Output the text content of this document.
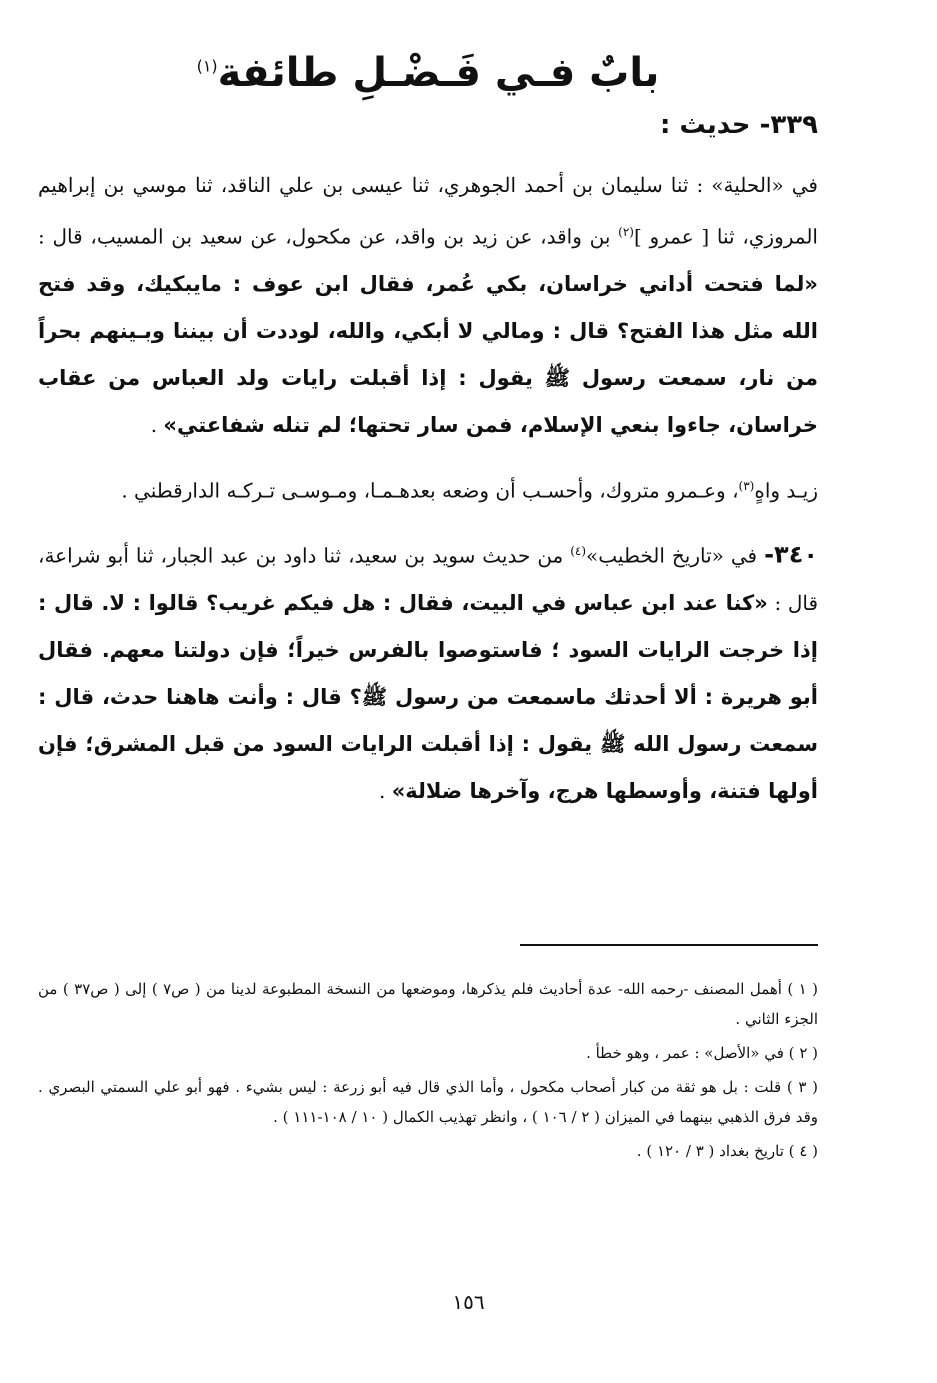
بابٌ فـي فَـضْـلِ طائفة$^{(١)}$
٣٣٩- حديث :

في «الحلية» : ثنا سليمان بن أحمد الجوهري، ثنا عيسى بن علي الناقد، ثنا موسي بن إبراهيم المروزي، ثنا [ عمرو ]$^{(٢)}$ بن واقد، عن زيد بن واقد، عن مكحول، عن سعيد بن المسيب، قال : «لما فتحت أداني خراسان، بكي عُمر، فقال ابن عوف : مايبكيك، وقد فتح الله مثل هذا الفتح؟ قال : ومالي لا أبكي، والله، لوددت أن بيننا وبـينهم بحراً من نار، سمعت رسول ﷺ يقول : إذا أقبلت رايات ولد العباس من عقاب خراسان، جاءوا بنعي الإسلام، فمن سار تحتها؛ لم تنله شفاعتي» .

زيـد واهٍ$^{(٣)}$، وعـمرو متروك، وأحسـب أن وضعه بعدهـمـا، ومـوسـى تـركـه الدارقطني .

٣٤٠- في «تاريخ الخطيب»$^{(٤)}$ من حديث سويد بن سعيد، ثنا داود بن عبد الجبار، ثنا أبو شراعة، قال : «كنا عند ابن عباس في البيت، فقال : هل فيكم غريب؟ قالوا : لا. قال : إذا خرجت الرايات السود ؛ فاستوصوا بالفرس خيراً؛ فإن دولتنا معهم. فقال أبو هريرة : ألا أحدثك ماسمعت من رسول ﷺ؟ قال : وأنت هاهنا حدث، قال : سمعت رسول الله ﷺ يقول : إذا أقبلت الرايات السود من قبل المشرق؛ فإن أولها فتنة، وأوسطها هرج، وآخرها ضلالة» .

( ١ ) أهمل المصنف -رحمه الله- عدة أحاديث فلم يذكرها، وموضعها من النسخة المطبوعة لدينا من ( ص٧ ) إلى ( ص٣٧ ) من الجزء الثاني .

( ٢ ) في «الأصل» : عمر ، وهو خطأ .

( ٣ ) قلت : بل هو ثقة من كبار أصحاب مكحول ، وأما الذي قال فيه أبو زرعة : ليس بشيء . فهو أبو علي السمتي البصري . وقد فرق الذهبي بينهما في الميزان ( ٢ / ١٠٦ ) ، وانظر تهذيب الكمال ( ١٠ / ١٠٨-١١١ ) .

( ٤ ) تاريخ بغداد ( ٣ / ١٢٠ ) .

١٥٦
